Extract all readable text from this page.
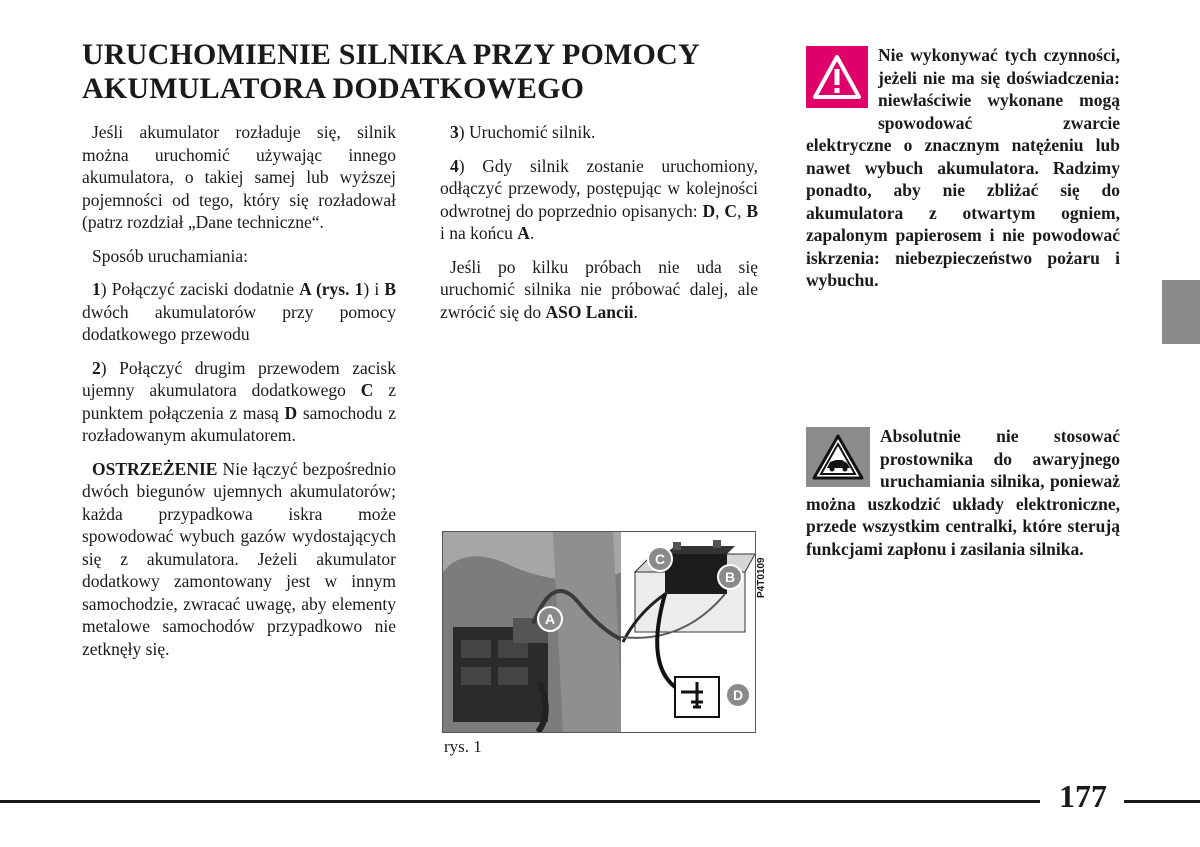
URUCHOMIENIE SILNIKA PRZY POMOCY
AKUMULATORA DODATKOWEGO

Jeśli akumulator rozładuje się, silnik można uruchomić używając innego akumulatora, o takiej samej lub wyższej pojemności od tego, który się rozładował (patrz rozdział „Dane techniczne“.

Sposób uruchamiania:

1) Połączyć zaciski dodatnie A (rys. 1) i B dwóch akumulatorów przy pomocy dodatkowego przewodu

2) Połączyć drugim przewodem zacisk ujemny akumulatora dodatkowego C z punktem połączenia z masą D samochodu z rozładowanym akumulatorem.

OSTRZEŻENIE Nie łączyć bezpośrednio dwóch biegunów ujemnych akumulatorów; każda przypadkowa iskra może spowodować wybuch gazów wydostających się z akumulatora. Jeżeli akumulator dodatkowy zamontowany jest w innym samochodzie, zwracać uwagę, aby elementy metalowe samochodów przypadkowo nie zetknęły się.

3) Uruchomić silnik.

4) Gdy silnik zostanie uruchomiony, odłączyć przewody, postępując w kolejności odwrotnej do poprzednio opisanych: D, C, B i na końcu A.

Jeśli po kilku próbach nie uda się uruchomić silnika nie próbować dalej, ale zwrócić się do ASO Lancii.

Nie wykonywać tych czynności, jeżeli nie ma się doświadczenia: niewłaściwie wykonane mogą spowodować zwarcie elektryczne o znacznym natężeniu lub nawet wybuch akumulatora. Radzimy ponadto, aby nie zbliżać się do akumulatora z otwartym ogniem, zapalonym papierosem i nie powodować iskrzenia: niebezpieczeństwo pożaru i wybuchu.
Absolutnie nie stosować prostownika do awaryjnego uruchamiania silnika, ponieważ można uszkodzić układy elektroniczne, przede wszystkim centralki, które sterują funkcjami zapłonu i zasilania silnika.
A
B
C
D
P4T0109
rys. 1
177
